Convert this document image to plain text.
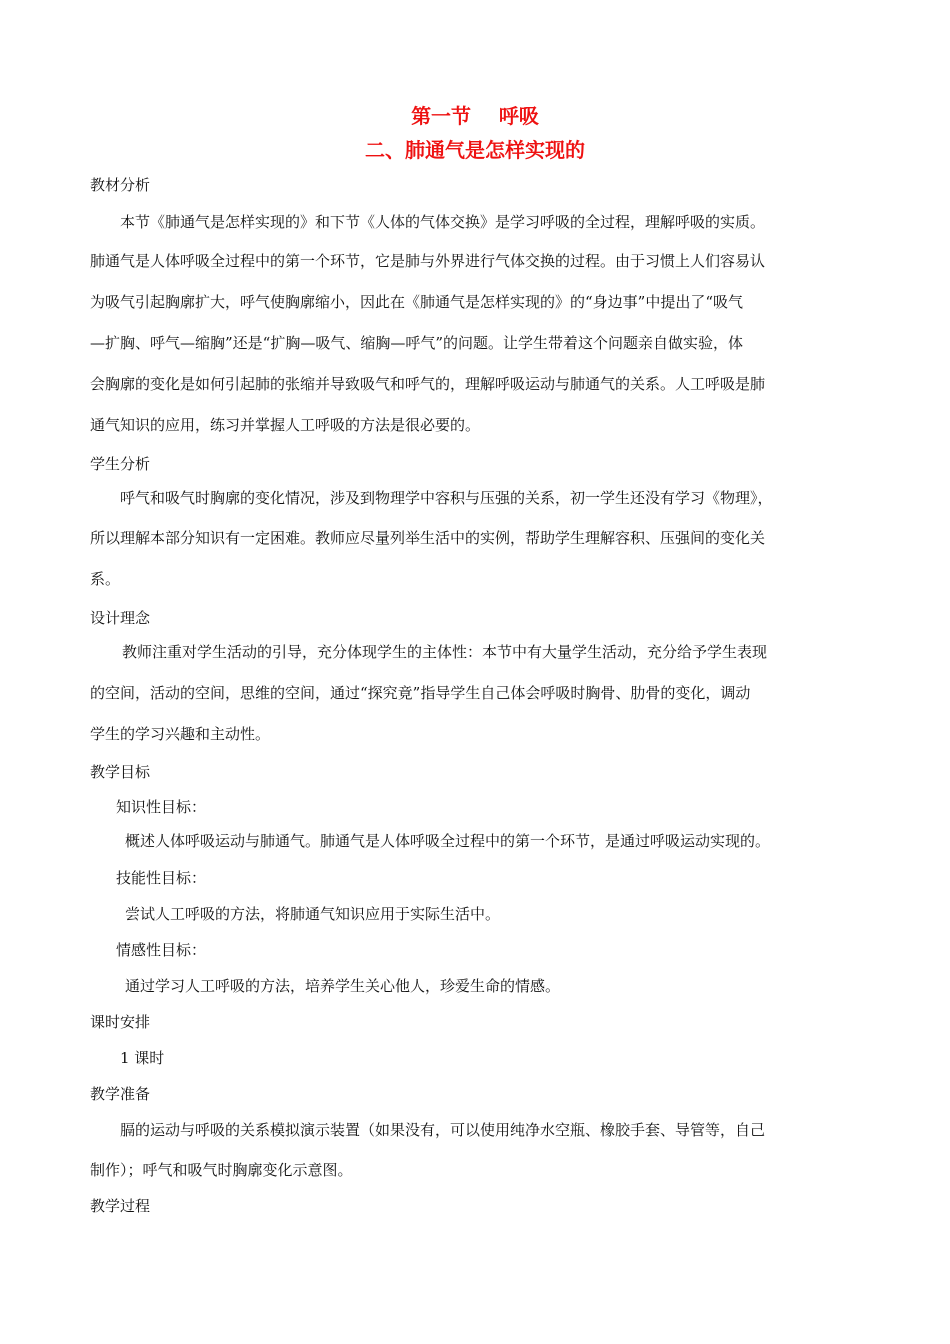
第一节    呼吸
二、肺通气是怎样实现的

教材分析

本节《肺通气是怎样实现的》和下节《人体的气体交换》是学习呼吸的全过程，理解呼吸的实质。

肺通气是人体呼吸全过程中的第一个环节，它是肺与外界进行气体交换的过程。由于习惯上人们容易认

为吸气引起胸廓扩大，呼气使胸廓缩小，因此在《肺通气是怎样实现的》的“身边事”中提出了“吸气

—扩胸、呼气—缩胸”还是“扩胸—吸气、缩胸—呼气”的问题。让学生带着这个问题亲自做实验，体

会胸廓的变化是如何引起肺的张缩并导致吸气和呼气的，理解呼吸运动与肺通气的关系。人工呼吸是肺

通气知识的应用，练习并掌握人工呼吸的方法是很必要的。

学生分析

呼气和吸气时胸廓的变化情况，涉及到物理学中容积与压强的关系，初一学生还没有学习《物理》，

所以理解本部分知识有一定困难。教师应尽量列举生活中的实例，帮助学生理解容积、压强间的变化关

系。

设计理念

教师注重对学生活动的引导，充分体现学生的主体性：本节中有大量学生活动，充分给予学生表现

的空间，活动的空间，思维的空间，通过“探究竟”指导学生自己体会呼吸时胸骨、肋骨的变化，调动

学生的学习兴趣和主动性。

教学目标

知识性目标：

概述人体呼吸运动与肺通气。肺通气是人体呼吸全过程中的第一个环节，是通过呼吸运动实现的。

技能性目标：

尝试人工呼吸的方法，将肺通气知识应用于实际生活中。

情感性目标：

通过学习人工呼吸的方法，培养学生关心他人，珍爱生命的情感。

课时安排

1 课时

教学准备

膈的运动与呼吸的关系模拟演示装置（如果没有，可以使用纯净水空瓶、橡胶手套、导管等，自己

制作）；呼气和吸气时胸廓变化示意图。

教学过程
